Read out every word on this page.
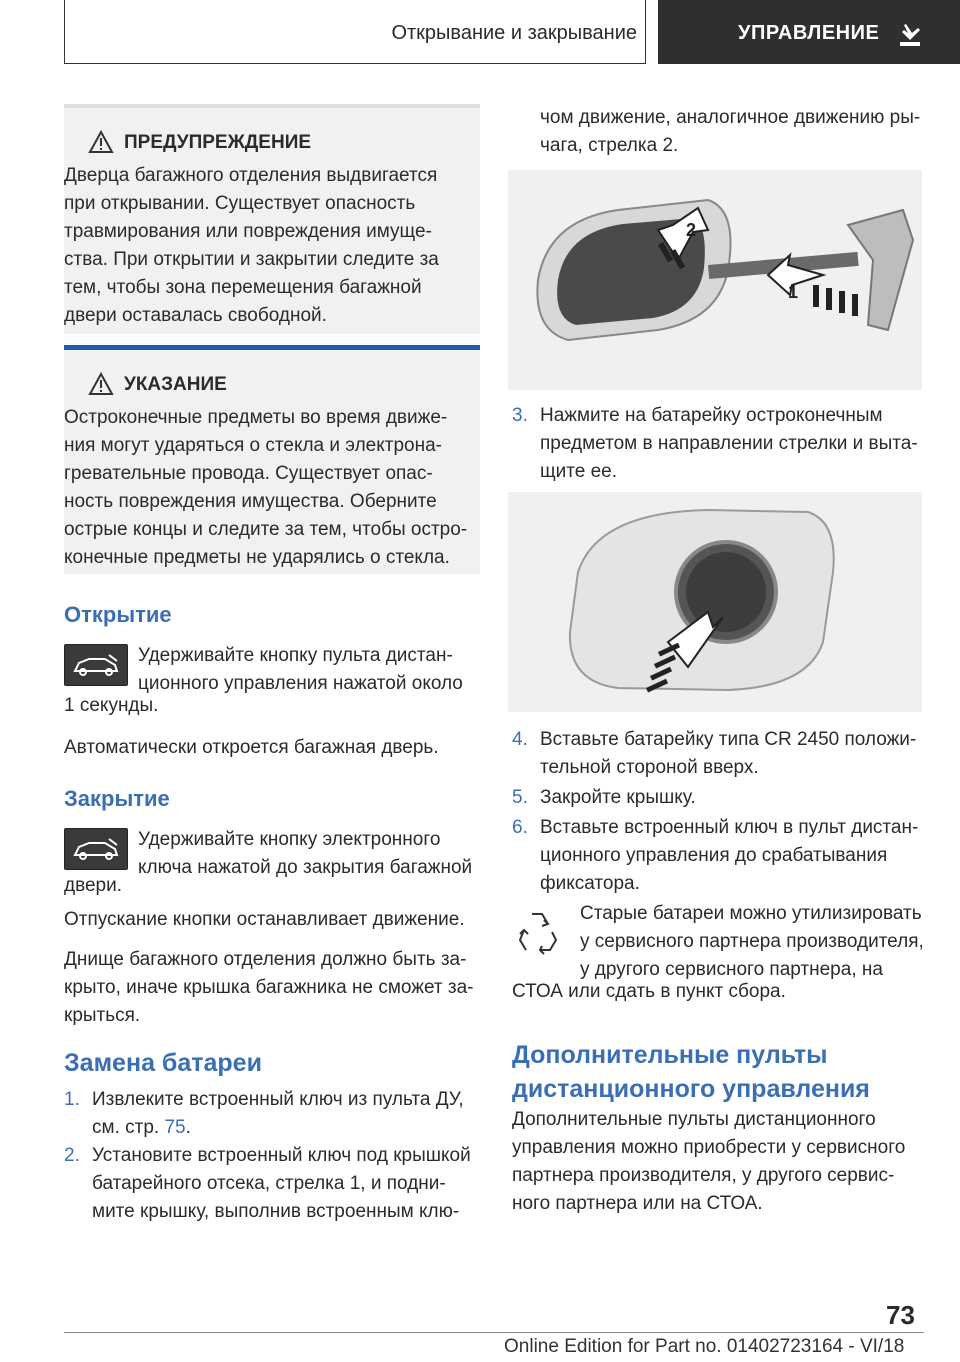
Открывание и закрывание	УПРАВЛЕНИЕ
ПРЕДУПРЕЖДЕНИЕ
Дверца багажного отделения выдвигается
при открывании. Существует опасность
травмирования или повреждения имуще-
ства. При открытии и закрытии следите за
тем, чтобы зона перемещения багажной
двери оставалась свободной.
УКАЗАНИЕ
Остроконечные предметы во время движе-
ния могут ударяться о стекла и электрона-
гревательные провода. Существует опас-
ность повреждения имущества. Оберните
острые концы и следите за тем, чтобы остро-
конечные предметы не ударялись о стекла.
Открытие
Удерживайте кнопку пульта дистан-
ционного управления нажатой около
1 секунды.
Автоматически откроется багажная дверь.
Закрытие
Удерживайте кнопку электронного
ключа нажатой до закрытия багажной
двери.
Отпускание кнопки останавливает движение.
Днище багажного отделения должно быть за-
крыто, иначе крышка багажника не сможет за-
крыться.
Замена батареи
1. Извлеките встроенный ключ из пульта ДУ,
см. стр. 75.
2. Установите встроенный ключ под крышкой
батарейного отсека, стрелка 1, и подни-
мите крышку, выполнив встроенным клю-
чом движение, аналогичное движению ры-
чага, стрелка 2.
2
1
3. Нажмите на батарейку остроконечным
предметом в направлении стрелки и выта-
щите ее.
4. Вставьте батарейку типа CR 2450 положи-
тельной стороной вверх.
5. Закройте крышку.
6. Вставьте встроенный ключ в пульт дистан-
ционного управления до срабатывания
фиксатора.
Старые батареи можно утилизировать
у сервисного партнера производителя,
у другого сервисного партнера, на
СТОА или сдать в пункт сбора.
Дополнительные пульты
дистанционного управления
Дополнительные пульты дистанционного
управления можно приобрести у сервисного
партнера производителя, у другого сервис-
ного партнера или на СТОА.
73
Online Edition for Part no. 01402723164 - VI/18
